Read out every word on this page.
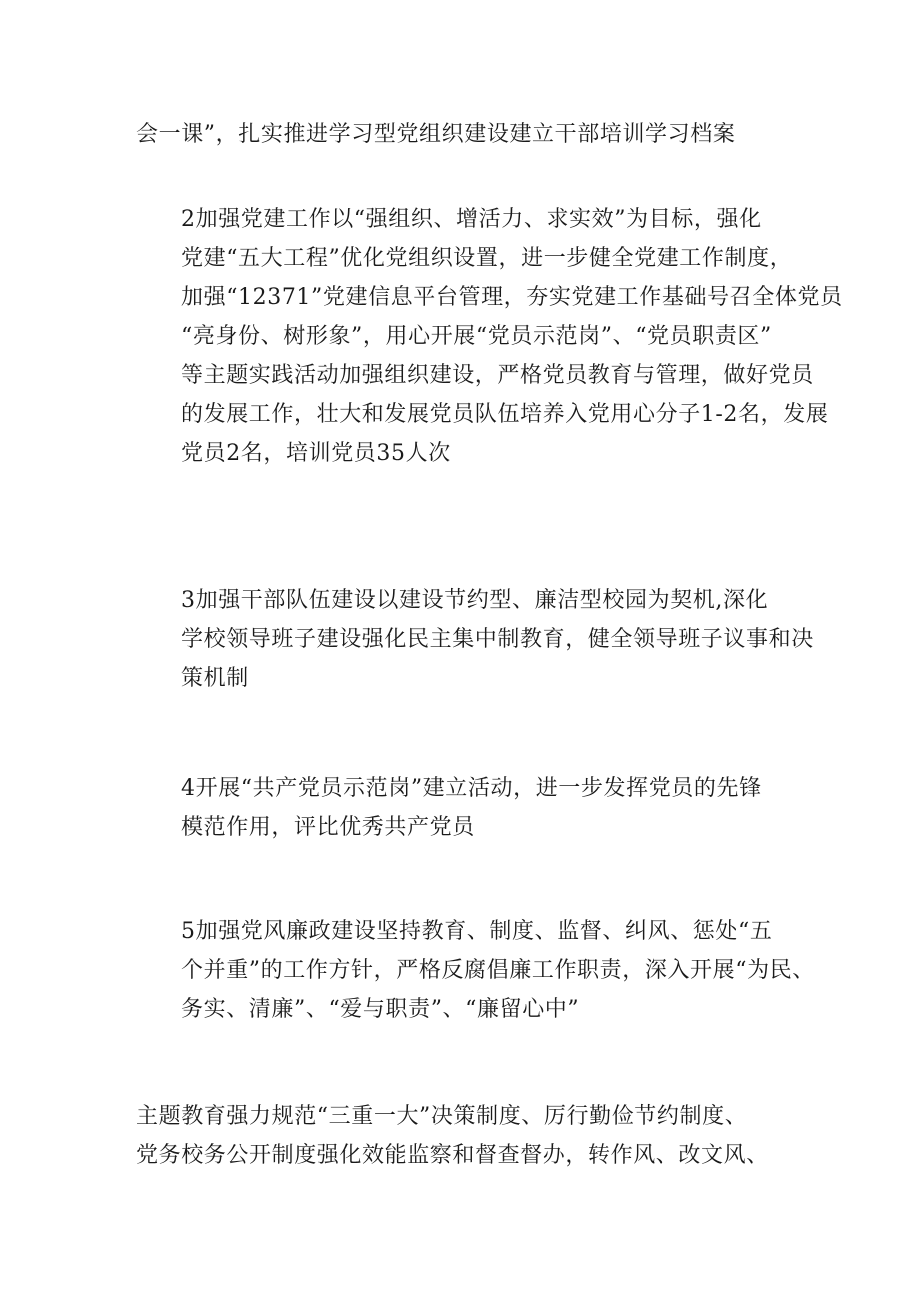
会一课”，扎实推进学习型党组织建设建立干部培训学习档案

2加强党建工作以“强组织、增活力、求实效”为目标，强化
党建“五大工程”优化党组织设置，进一步健全党建工作制度，
加强“12371”党建信息平台管理，夯实党建工作基础号召全体党员
“亮身份、树形象”，用心开展“党员示范岗”、“党员职责区”
等主题实践活动加强组织建设，严格党员教育与管理，做好党员
的发展工作，壮大和发展党员队伍培养入党用心分子1-2名，发展
党员2名，培训党员35人次

3加强干部队伍建设以建设节约型、廉洁型校园为契机,深化
学校领导班子建设强化民主集中制教育，健全领导班子议事和决
策机制

4开展“共产党员示范岗”建立活动，进一步发挥党员的先锋
模范作用，评比优秀共产党员

5加强党风廉政建设坚持教育、制度、监督、纠风、惩处“五
个并重”的工作方针，严格反腐倡廉工作职责，深入开展“为民、
务实、清廉”、“爱与职责”、“廉留心中”

主题教育强力规范“三重一大”决策制度、厉行勤俭节约制度、
党务校务公开制度强化效能监察和督查督办，转作风、改文风、
